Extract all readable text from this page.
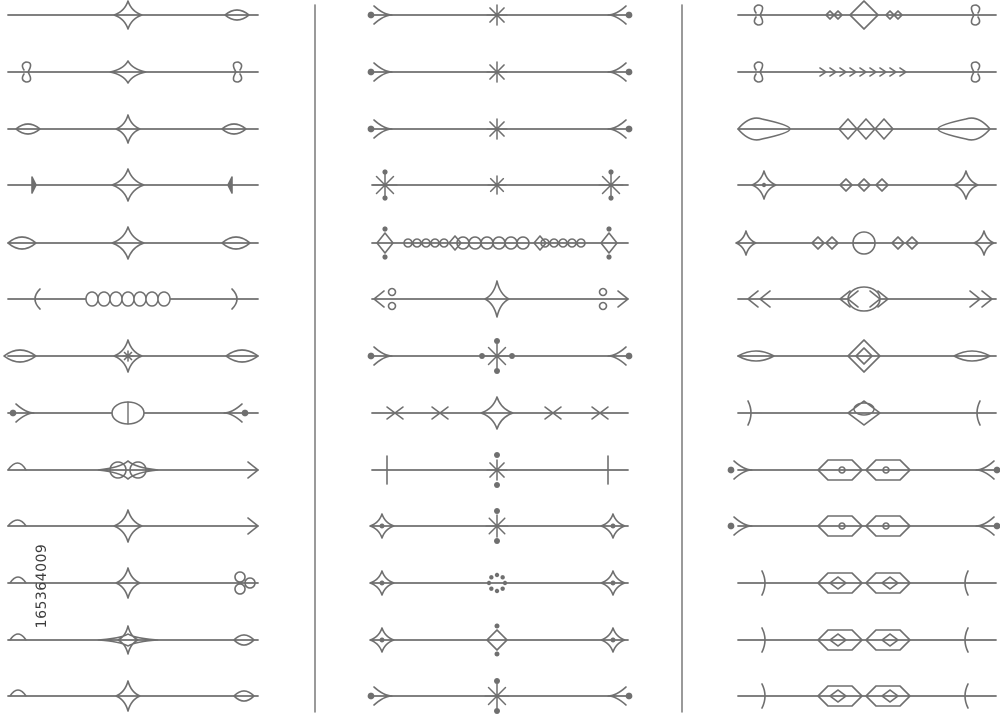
165364009
